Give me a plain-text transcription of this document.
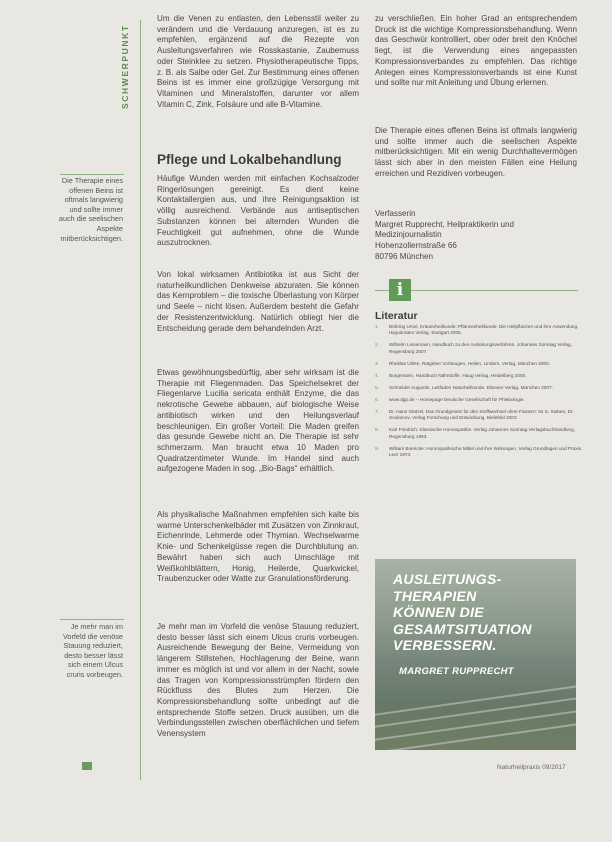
SCHWERPUNKT

Die Therapie eines offenen Beins ist oftmals langwierig und sollte immer auch die seelischen Aspekte mitberücksichtigen.

Je mehr man im Vorfeld die venöse Stauung reduziert, desto besser lässt sich einem Ulcus cruris vorbeugen.

Um die Venen zu entlasten, den Lebensstil weiter zu verändern und die Verdauung anzuregen, ist es zu empfehlen, ergänzend auf die Rezepte von Ausleitungsverfahren wie Rosskastanie, Zaubernuss oder Steinklee zu setzen. Physiotherapeutische Tipps, z. B. als Salbe oder Gel. Zur Bestimmung eines offenen Beins ist es immer eine großzügige Versorgung mit Vitaminen und Mineralstoffen, darunter vor allem Vitamin C, Zink, Folsäure und alle B-Vitamine.

Pflege und Lokalbehandlung

Häufige Wunden werden mit einfachen Kochsalzoder Ringerlösungen gereinigt. Es dient keine Kontaktallergien aus, und ihre Reinigungsaktion ist völlig ausreichend. Verbände aus antiseptischen Substanzen können bei alternden Wunden die Feuchtigkeit gut aufnehmen, ohne die Wunde auszutrocknen.

Von lokal wirksamen Antibiotika ist aus Sicht der naturheilkundlichen Denkweise abzuraten. Sie können das Kernproblem – die toxische Überlastung von Körper und Seele – nicht lösen. Außerdem besteht die Gefahr der Resistenzentwicklung. Natürlich obliegt hier die Entscheidung gerade dem behandelnden Arzt.

Etwas gewöhnungsbedürftig, aber sehr wirksam ist die Therapie mit Fliegenmaden. Das Speichelsekret der Fliegenlarve Lucilia sericata enthält Enzyme, die das nekrotische Gewebe abbauen, auf biologische Weise antibiotisch wirken und den Heilungsverlauf beschleunigen. Ein großer Vorteil: Die Maden greifen das gesunde Gewebe nicht an. Die Therapie ist sehr schmerzarm. Man braucht etwa 10 Maden pro Quadratzentimeter Wunde. Im Handel sind auch aufgezogene Maden in sog. „Bio-Bags“ erhältlich.

Als physikalische Maßnahmen empfehlen sich kalte bis warme Unterschenkelbäder mit Zusätzen von Zinnkraut, Eichenrinde, Lehmerde oder Thymian. Wechselwarme Knie- und Schenkelgüsse regen die Durchblutung an. Bewährt haben sich auch Umschläge mit Weißkohlblättern, Honig, Heilerde, Quarkwickel, Traubenzucker oder Watte zur Granulationsförderung.

Je mehr man im Vorfeld die venöse Stauung reduziert, desto besser lässt sich einem Ulcus cruris vorbeugen. Ausreichende Bewegung der Beine, Vermeidung von längerem Stillstehen, Hochlagerung der Beine, wann immer es möglich ist und vor allem in der Nacht, sowie das Tragen von Kompressionsstrümpfen fördern den Rückfluss des Blutes zum Herzen. Die Kompressionsbehandlung sollte unbedingt auf die entsprechende Stoffe setzen. Druck ausüben, um die Verbindungsstellen zwischen oberflächlichen und tiefem Venensystem

zu verschließen. Ein hoher Grad an entsprechendem Druck ist die wichtige Kompressionsbehandlung. Wenn das Geschwür kontrolliert, ober oder breit den Knöchel liegt, ist die Verwendung eines angepassten Kompressionsverbandes zu empfehlen. Das richtige Anlegen eines Kompressionsverbands ist eine Kunst und sollte nur mit Anleitung und Übung erlernen.

Die Therapie eines offenen Beins ist oftmals langwierig und sollte immer auch die seelischen Aspekte mitberücksichtigen. Mit ein wenig Durchhaltevermögen lässt sich aber in den meisten Fällen eine Heilung erreichen und Rezidiven vorbeugen.

Verfasserin
Margret Rupprecht, Heilpraktikerin und Medizinjournalistin
Hohenzollernstraße 66
80796 München
i
Literatur
1. Bühring Ursel, Kräuterheilkunde: Pflanzenheilkunde: Die Heilpflanzen und ihre Anwendung. Hippokrates Verlag, Stuttgart 2005.
2. Wilhelm Linsemann, Handbuch zu den Ausleitungsverfahren. Johannes Sonntag Verlag, Regensburg 2007.
3. Rheklas Ulrike, Ratgeber Vorbeugen, Heilen, Lindern. Verlag, München 2000.
4. Burgerstein, Handbuch Nährstoffe. Haug Verlag, Heidelberg 2000.
5. Schneider Augustin, Leitfaden Naturheilkunde. Elsevier Verlag, München 2007.
6. www.dgp.de – Homepage Deutsche Gesellschaft für Phlebologie.
7. Dr. Hans Glatzel, Das Grundgesetz für den Stoffwechsel ohne Fixstern: 64 S. Sieben, Dr. Soukonov, Verlag Forschung und Entwicklung, Bielefeld 2003.
8. Karl Friedrich: Klassische Homöopathie. Verlag Johannes Sonntag Verlagsbuchhandlung, Regensburg 1993.
9. William Boericke: Homöopathische Mittel und ihre Wirkungen. Verlag Grundlagen und Praxis, Leer 1973.

AUSLEITUNGS-
THERAPIEN
KÖNNEN DIE
GESAMTSITUATION
VERBESSERN.

MARGRET RUPPRECHT

Naturheilpraxis 09/2017
